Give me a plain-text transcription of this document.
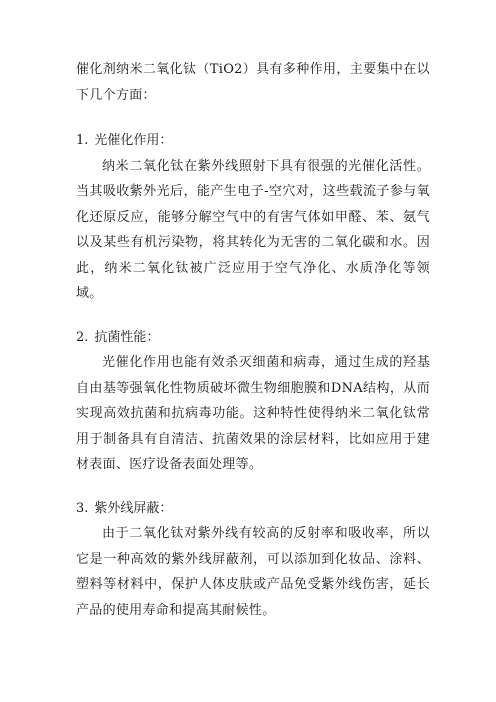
催化剂纳米二氧化钛（TiO2）具有多种作用，主要集中在以下几个方面：

1. 光催化作用：

纳米二氧化钛在紫外线照射下具有很强的光催化活性。当其吸收紫外光后，能产生电子-空穴对，这些载流子参与氧化还原反应，能够分解空气中的有害气体如甲醛、苯、氨气以及某些有机污染物，将其转化为无害的二氧化碳和水。因此，纳米二氧化钛被广泛应用于空气净化、水质净化等领域。

2. 抗菌性能：

光催化作用也能有效杀灭细菌和病毒，通过生成的羟基自由基等强氧化性物质破坏微生物细胞膜和DNA结构，从而实现高效抗菌和抗病毒功能。这种特性使得纳米二氧化钛常用于制备具有自清洁、抗菌效果的涂层材料，比如应用于建材表面、医疗设备表面处理等。

3. 紫外线屏蔽：

由于二氧化钛对紫外线有较高的反射率和吸收率，所以它是一种高效的紫外线屏蔽剂，可以添加到化妆品、涂料、塑料等材料中，保护人体皮肤或产品免受紫外线伤害，延长产品的使用寿命和提高其耐候性。
